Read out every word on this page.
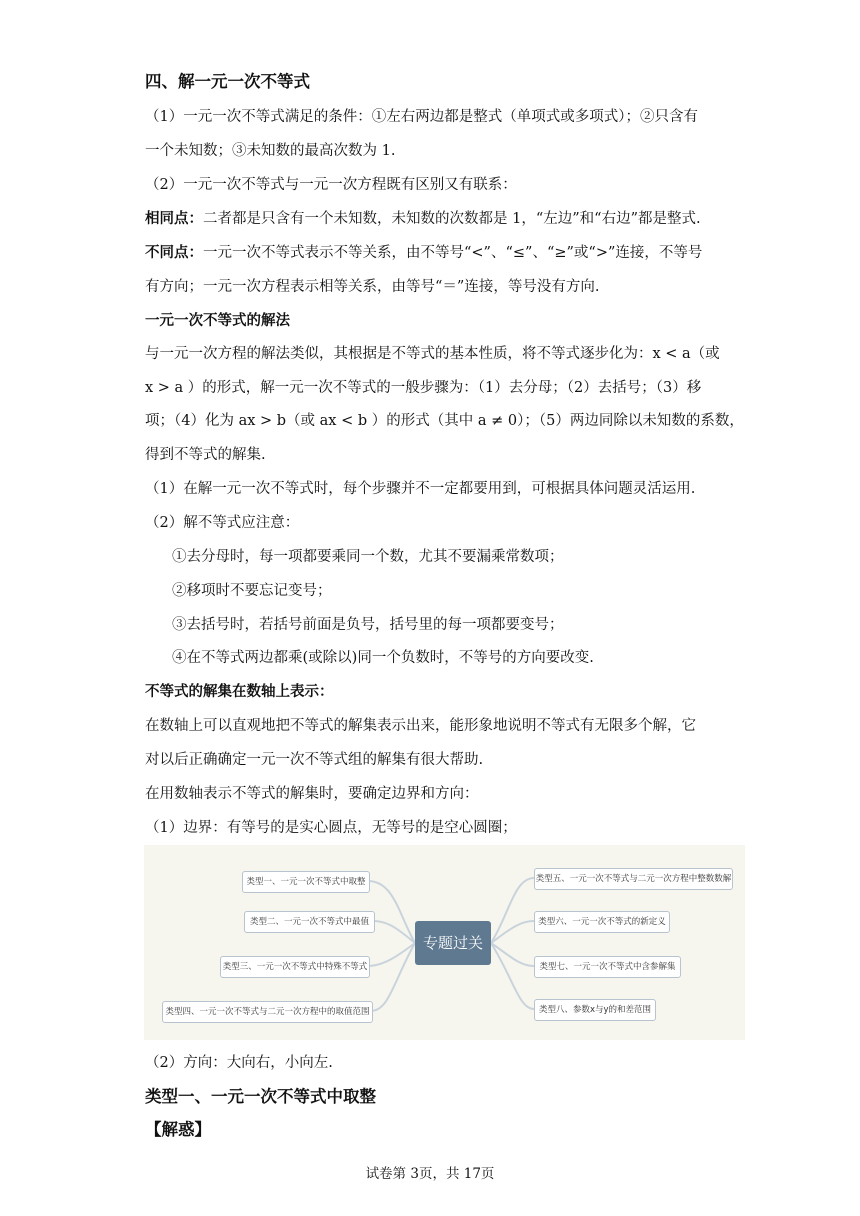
四、解一元一次不等式
（1）一元一次不等式满足的条件：①左右两边都是整式（单项式或多项式）；②只含有
一个未知数；③未知数的最高次数为 1.
（2）一元一次不等式与一元一次方程既有区别又有联系：
相同点：二者都是只含有一个未知数，未知数的次数都是 1，“左边”和“右边”都是整式.
不同点：一元一次不等式表示不等关系，由不等号“<”、“≤”、“≥”或“>”连接，不等号
有方向；一元一次方程表示相等关系，由等号“＝”连接，等号没有方向.
一元一次不等式的解法
与一元一次方程的解法类似，其根据是不等式的基本性质，将不等式逐步化为：x < a（或
x > a ）的形式，解一元一次不等式的一般步骤为：（1）去分母；（2）去括号；（3）移
项；（4）化为 ax > b（或 ax < b ）的形式（其中 a ≠ 0）；（5）两边同除以未知数的系数，
得到不等式的解集.
（1）在解一元一次不等式时，每个步骤并不一定都要用到，可根据具体问题灵活运用.
（2）解不等式应注意：
①去分母时，每一项都要乘同一个数，尤其不要漏乘常数项；
②移项时不要忘记变号；
③去括号时，若括号前面是负号，括号里的每一项都要变号；
④在不等式两边都乘(或除以)同一个负数时，不等号的方向要改变.
不等式的解集在数轴上表示：
在数轴上可以直观地把不等式的解集表示出来，能形象地说明不等式有无限多个解，它
对以后正确确定一元一次不等式组的解集有很大帮助.
在用数轴表示不等式的解集时，要确定边界和方向：
（1）边界：有等号的是实心圆点，无等号的是空心圆圈；
类型一、一元一次不等式中取整
类型二、一元一次不等式中最值
类型三、一元一次不等式中特殊不等式
类型四、一元一次不等式与二元一次方程中的取值范围
专题过关
类型五、一元一次不等式与二元一次方程中整数数解
类型六、一元一次不等式的新定义
类型七、一元一次不等式中含参解集
类型八、参数x与y的和差范围
（2）方向：大向右，小向左.
类型一、一元一次不等式中取整
【解惑】
试卷第 3页，共 17页
